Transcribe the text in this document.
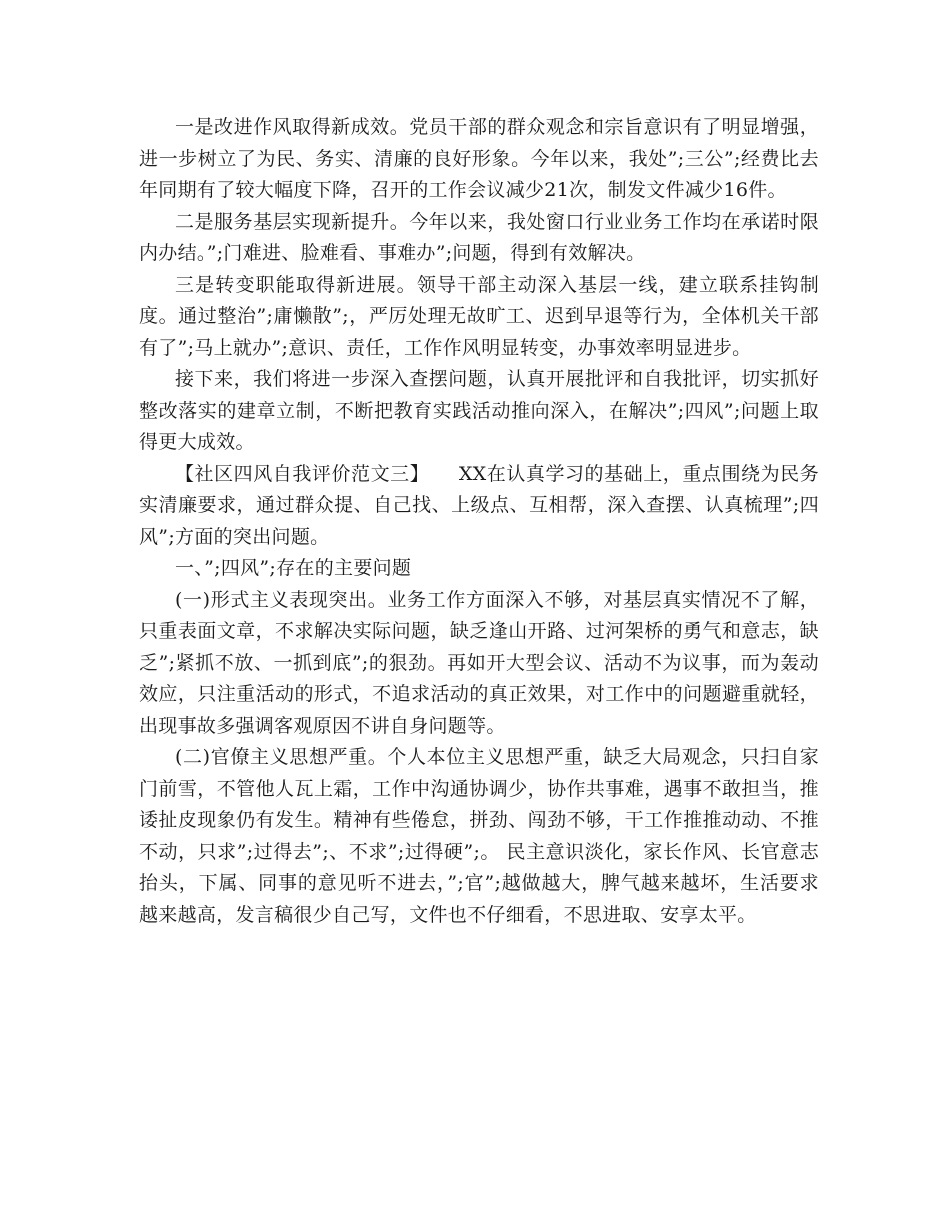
一是改进作风取得新成效。党员干部的群众观念和宗旨意识有了明显增强，进一步树立了为民、务实、清廉的良好形象。今年以来，我处”;三公”;经费比去年同期有了较大幅度下降，召开的工作会议减少21次，制发文件减少16件。

二是服务基层实现新提升。今年以来，我处窗口行业业务工作均在承诺时限内办结。”;门难进、脸难看、事难办”;问题，得到有效解决。

三是转变职能取得新进展。领导干部主动深入基层一线，建立联系挂钩制度。通过整治”;庸懒散”;，严厉处理无故旷工、迟到早退等行为，全体机关干部有了”;马上就办”;意识、责任，工作作风明显转变，办事效率明显进步。

接下来，我们将进一步深入查摆问题，认真开展批评和自我批评，切实抓好整改落实的建章立制，不断把教育实践活动推向深入，在解决”;四风”;问题上取得更大成效。

【社区四风自我评价范文三】　　XX在认真学习的基础上，重点围绕为民务实清廉要求，通过群众提、自己找、上级点、互相帮，深入查摆、认真梳理”;四风”;方面的突出问题。

一、”;四风”;存在的主要问题

(一)形式主义表现突出。业务工作方面深入不够，对基层真实情况不了解，只重表面文章，不求解决实际问题，缺乏逢山开路、过河架桥的勇气和意志，缺乏”;紧抓不放、一抓到底”;的狠劲。再如开大型会议、活动不为议事，而为轰动效应，只注重活动的形式，不追求活动的真正效果，对工作中的问题避重就轻，出现事故多强调客观原因不讲自身问题等。

(二)官僚主义思想严重。个人本位主义思想严重，缺乏大局观念，只扫自家门前雪，不管他人瓦上霜，工作中沟通协调少，协作共事难，遇事不敢担当，推诿扯皮现象仍有发生。精神有些倦怠，拼劲、闯劲不够，干工作推推动动、不推不动，只求”;过得去”;、不求”;过得硬”;。 民主意识淡化，家长作风、长官意志抬头，下属、同事的意见听不进去，”;官”;越做越大，脾气越来越坏，生活要求越来越高，发言稿很少自己写，文件也不仔细看，不思进取、安享太平。
